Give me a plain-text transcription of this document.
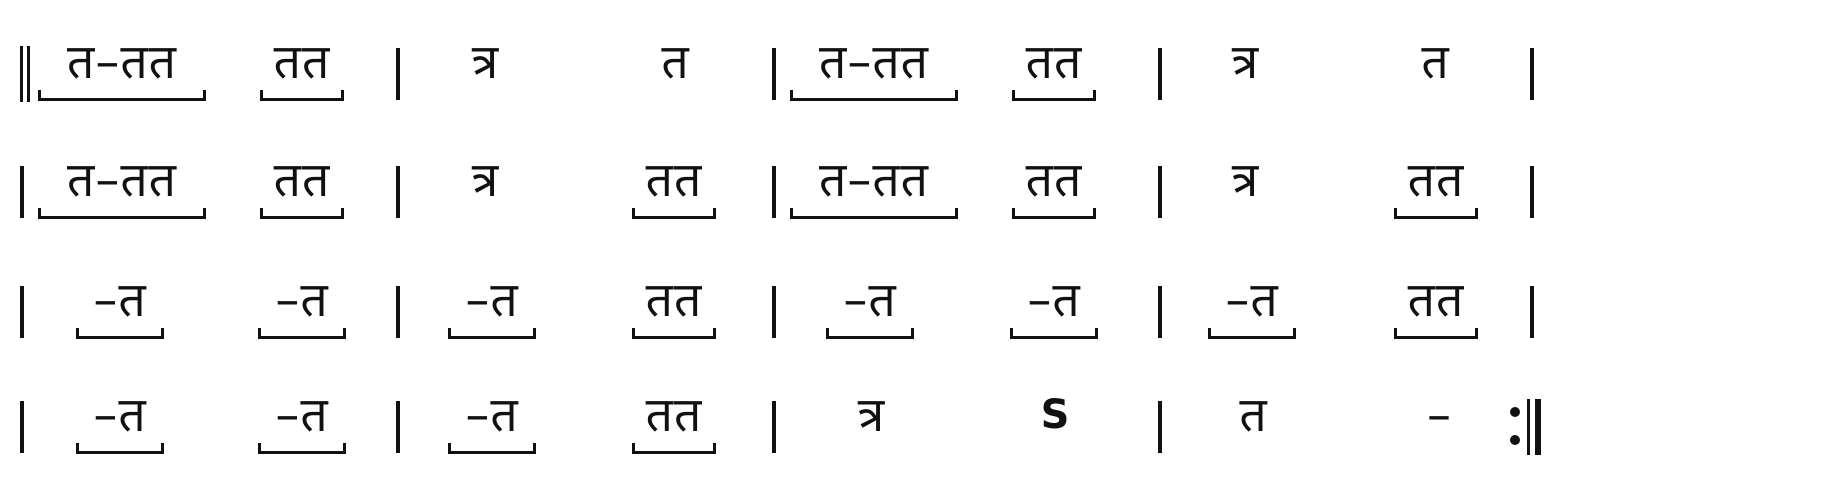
त–तत	तत	त्र	त	त–तत	तत	त्र	त
त–तत	तत	त्र	तत	त–तत	तत	त्र	तत
–त	–त	–त	तत	–त	–त	–त	तत
–त	–त	–त	तत	त्र	S	त	–
